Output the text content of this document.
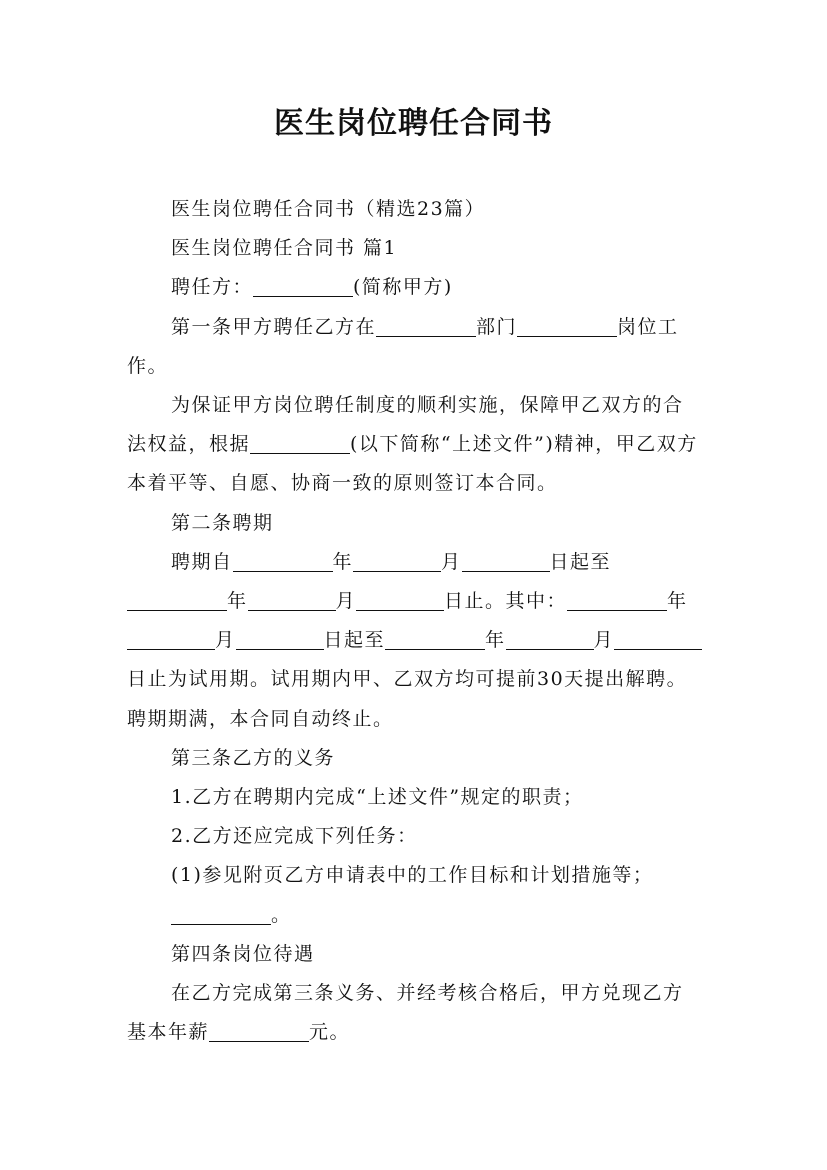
医生岗位聘任合同书

医生岗位聘任合同书（精选23篇）

医生岗位聘任合同书 篇1

聘任方：	(简称甲方)

第一条甲方聘任乙方在	部门	岗位工作。

为保证甲方岗位聘任制度的顺利实施，保障甲乙双方的合法权益，根据	(以下简称“上述文件”)精神，甲乙双方本着平等、自愿、协商一致的原则签订本合同。

第二条聘期

聘期自	年	月	日起至年	月	日止。其中：	年月	日起至	年	月日止为试用期。试用期内甲、乙双方均可提前30天提出解聘。聘期期满，本合同自动终止。

第三条乙方的义务

1.乙方在聘期内完成“上述文件”规定的职责；

2.乙方还应完成下列任务：

(1)参见附页乙方申请表中的工作目标和计划措施等；

。

第四条岗位待遇

在乙方完成第三条义务、并经考核合格后，甲方兑现乙方基本年薪	元。
